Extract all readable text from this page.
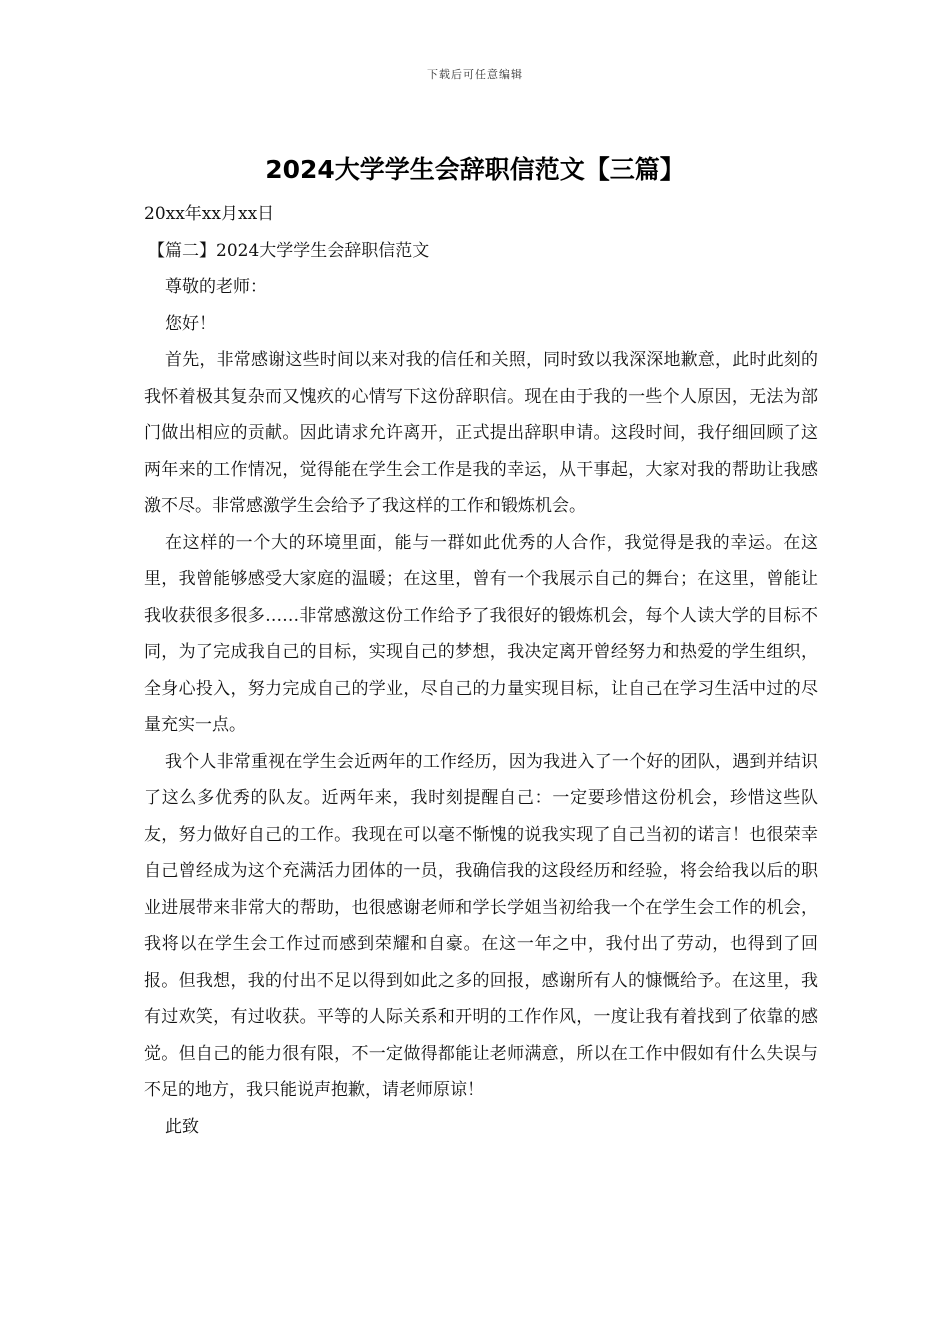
下载后可任意编辑
2024大学学生会辞职信范文【三篇】

20xx年xx月xx日

【篇二】2024大学学生会辞职信范文

尊敬的老师：

您好！

首先，非常感谢这些时间以来对我的信任和关照，同时致以我深深地歉意，此时此刻的我怀着极其复杂而又愧疚的心情写下这份辞职信。现在由于我的一些个人原因，无法为部门做出相应的贡献。因此请求允许离开，正式提出辞职申请。这段时间，我仔细回顾了这两年来的工作情况，觉得能在学生会工作是我的幸运，从干事起，大家对我的帮助让我感激不尽。非常感激学生会给予了我这样的工作和锻炼机会。

在这样的一个大的环境里面，能与一群如此优秀的人合作，我觉得是我的幸运。在这里，我曾能够感受大家庭的温暖；在这里，曾有一个我展示自己的舞台；在这里，曾能让我收获很多很多……非常感激这份工作给予了我很好的锻炼机会，每个人读大学的目标不同，为了完成我自己的目标，实现自己的梦想，我决定离开曾经努力和热爱的学生组织，全身心投入，努力完成自己的学业，尽自己的力量实现目标，让自己在学习生活中过的尽量充实一点。

我个人非常重视在学生会近两年的工作经历，因为我进入了一个好的团队，遇到并结识了这么多优秀的队友。近两年来，我时刻提醒自己：一定要珍惜这份机会，珍惜这些队友，努力做好自己的工作。我现在可以毫不惭愧的说我实现了自己当初的诺言！也很荣幸自己曾经成为这个充满活力团体的一员，我确信我的这段经历和经验，将会给我以后的职业进展带来非常大的帮助，也很感谢老师和学长学姐当初给我一个在学生会工作的机会，我将以在学生会工作过而感到荣耀和自豪。在这一年之中，我付出了劳动，也得到了回报。但我想，我的付出不足以得到如此之多的回报，感谢所有人的慷慨给予。在这里，我有过欢笑，有过收获。平等的人际关系和开明的工作作风，一度让我有着找到了依靠的感觉。但自己的能力很有限，不一定做得都能让老师满意，所以在工作中假如有什么失误与不足的地方，我只能说声抱歉，请老师原谅！

此致
